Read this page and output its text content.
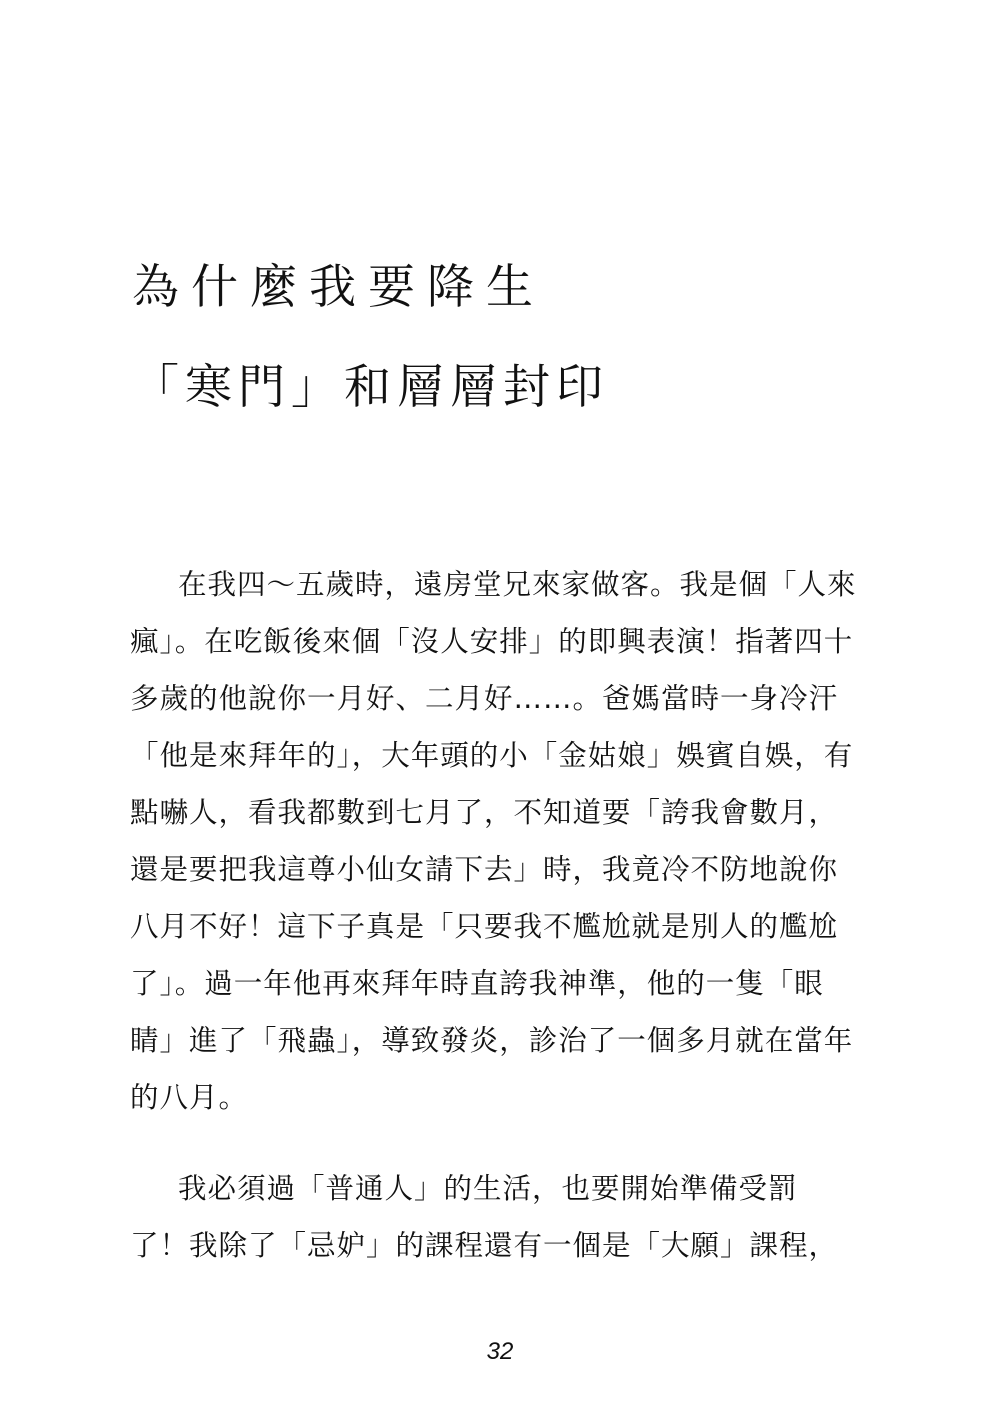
為什麼我要降生
「寒門」和層層封印
在我四～五歲時，遠房堂兄來家做客。我是個「人來
瘋」。在吃飯後來個「沒人安排」的即興表演！指著四十
多歲的他說你一月好、二月好……。爸媽當時一身冷汗
「他是來拜年的」，大年頭的小「金姑娘」娛賓自娛，有
點嚇人，看我都數到七月了，不知道要「誇我會數月，
還是要把我這尊小仙女請下去」時，我竟冷不防地說你
八月不好！這下子真是「只要我不尷尬就是別人的尷尬
了」。過一年他再來拜年時直誇我神準，他的一隻「眼
睛」進了「飛蟲」，導致發炎，診治了一個多月就在當年
的八月。
我必須過「普通人」的生活，也要開始準備受罰
了！我除了「忌妒」的課程還有一個是「大願」課程，
32
